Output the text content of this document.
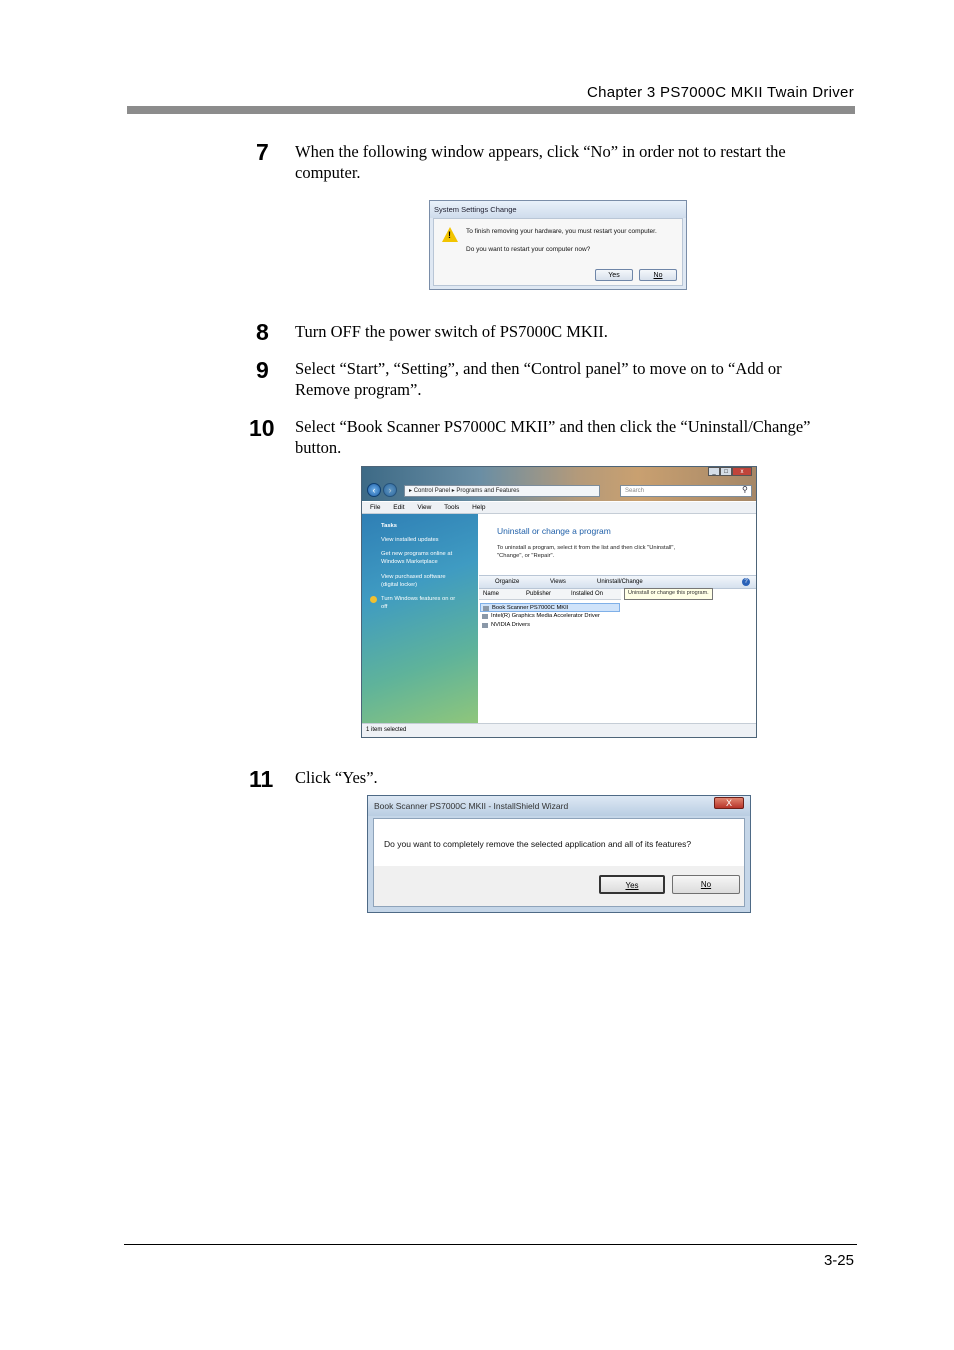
Chapter 3 PS7000C MKII Twain Driver
7 When the following window appears, click “No” in order not to restart the
computer.
System Settings Change
! To finish removing your hardware, you must restart your computer.
Do you want to restart your computer now?
Yes	No
8 Turn OFF the power switch of PS7000C MKII.
9 Select “Start”, “Setting”, and then “Control panel” to move on to “Add or
Remove program”.
10 Select “Book Scanner PS7000C MKII” and then click the “Uninstall/Change”
button.
_	□	x
‹	›	▸ Control Panel ▸ Programs and Features	Search	⚲
File Edit View Tools Help
Tasks
View installed updates
Get new programs online at
Windows Marketplace
View purchased software
(digital locker)
Turn Windows features on or
off
Uninstall or change a program
To uninstall a program, select it from the list and then click "Uninstall",
"Change", or "Repair".
Organize	Views	Uninstall/Change	?
Uninstall or change this program.
Name	Publisher	Installed On
Book Scanner PS7000C MKII
Intel(R) Graphics Media Accelerator Driver
NVIDIA Drivers
1 item selected
11 Click “Yes”.
Book Scanner PS7000C MKII - InstallShield Wizard	X
Do you want to completely remove the selected application and all of its features?
Yes	No
3-25
